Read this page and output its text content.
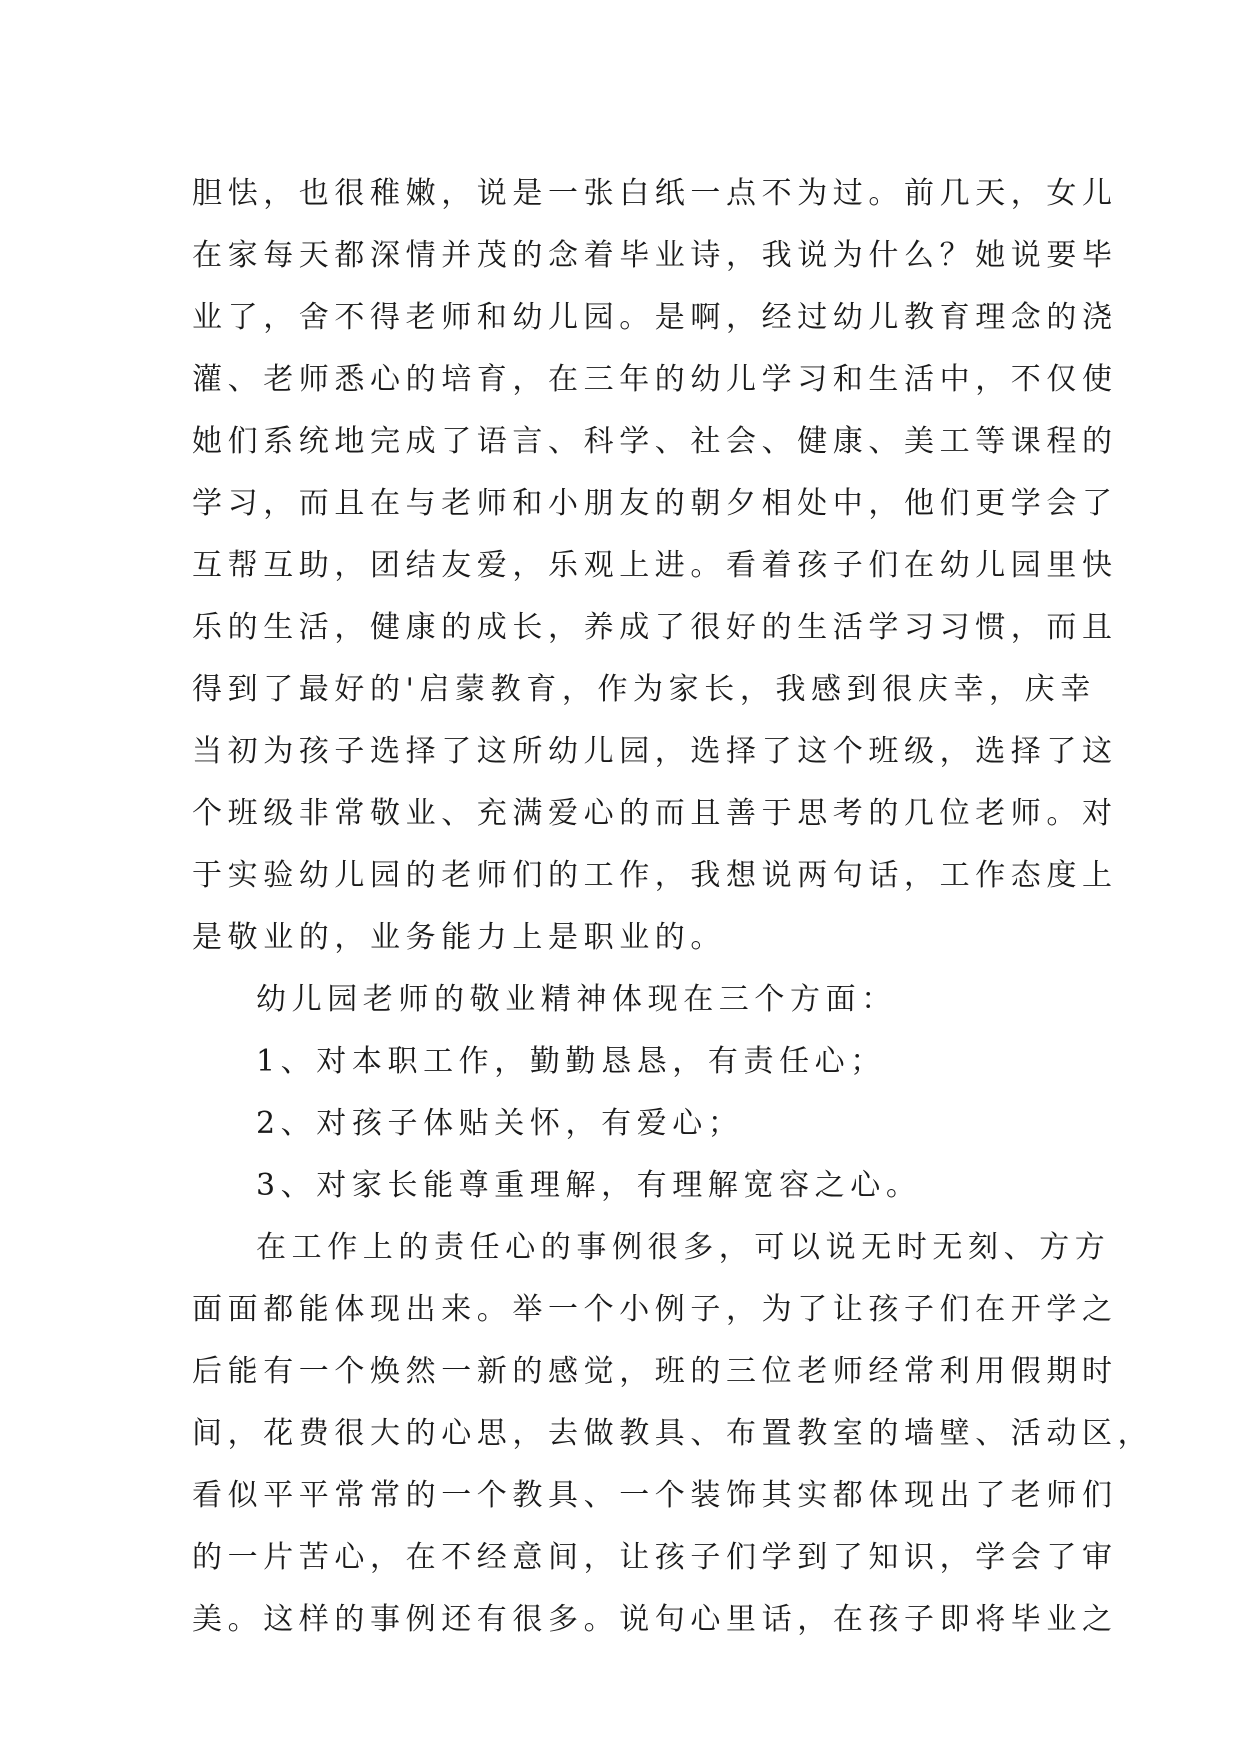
胆怯，也很稚嫩，说是一张白纸一点不为过。前几天，女儿
在家每天都深情并茂的念着毕业诗，我说为什么？她说要毕
业了，舍不得老师和幼儿园。是啊，经过幼儿教育理念的浇
灌、老师悉心的培育，在三年的幼儿学习和生活中，不仅使
她们系统地完成了语言、科学、社会、健康、美工等课程的
学习，而且在与老师和小朋友的朝夕相处中，他们更学会了
互帮互助，团结友爱，乐观上进。看着孩子们在幼儿园里快
乐的生活，健康的成长，养成了很好的生活学习习惯，而且
得到了最好的'启蒙教育，作为家长，我感到很庆幸，庆幸
当初为孩子选择了这所幼儿园，选择了这个班级，选择了这
个班级非常敬业、充满爱心的而且善于思考的几位老师。对
于实验幼儿园的老师们的工作，我想说两句话，工作态度上
是敬业的，业务能力上是职业的。
幼儿园老师的敬业精神体现在三个方面：
1、对本职工作，勤勤恳恳，有责任心；
2、对孩子体贴关怀，有爱心；
3、对家长能尊重理解，有理解宽容之心。
在工作上的责任心的事例很多，可以说无时无刻、方方
面面都能体现出来。举一个小例子，为了让孩子们在开学之
后能有一个焕然一新的感觉，班的三位老师经常利用假期时
间，花费很大的心思，去做教具、布置教室的墙壁、活动区，
看似平平常常的一个教具、一个装饰其实都体现出了老师们
的一片苦心，在不经意间，让孩子们学到了知识，学会了审
美。这样的事例还有很多。说句心里话，在孩子即将毕业之
